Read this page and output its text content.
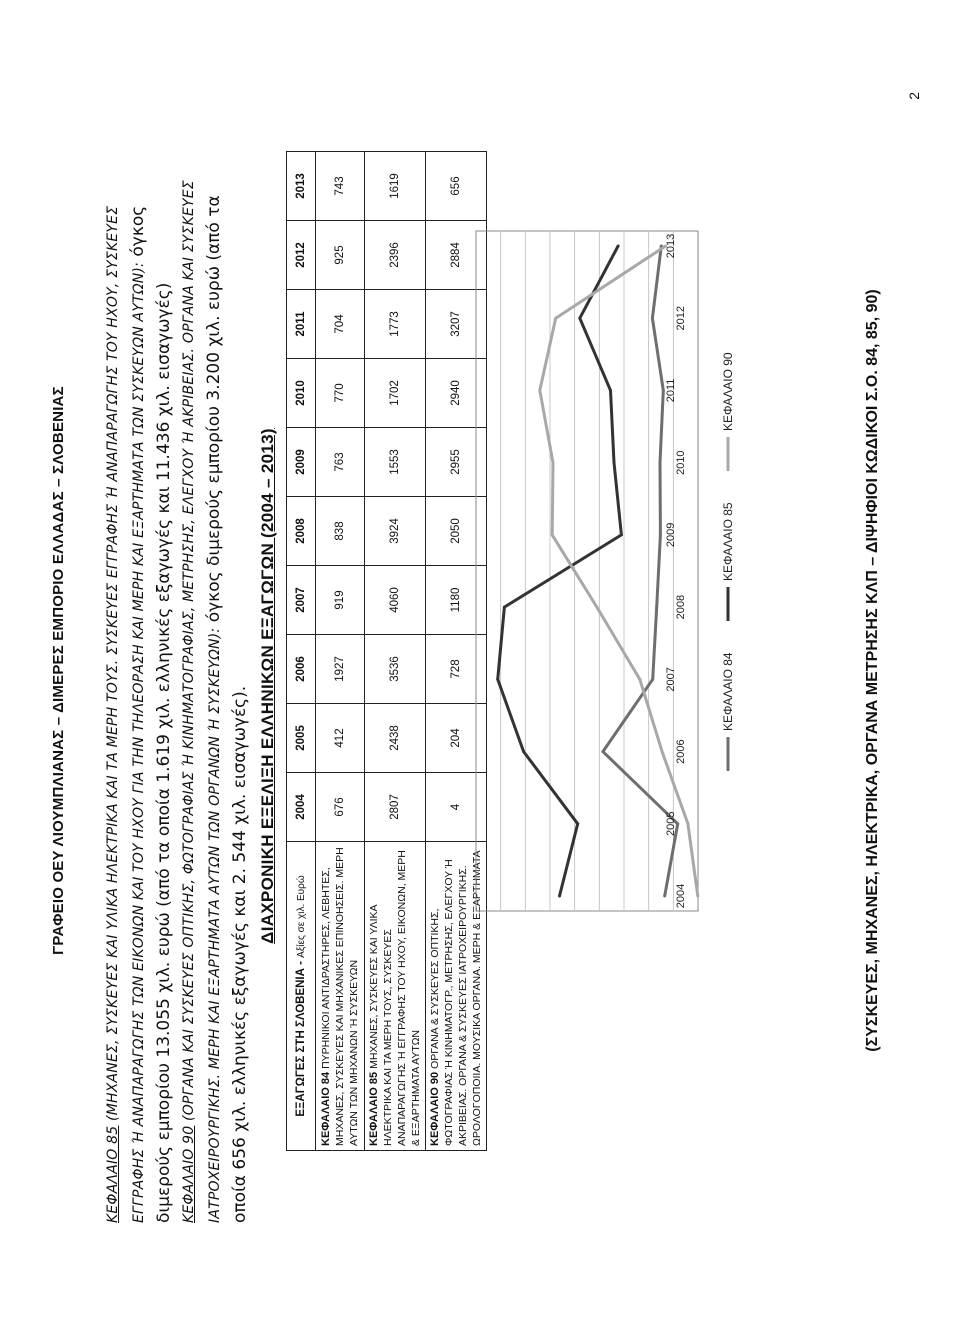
ΓΡΑΦΕΙΟ ΟΕΥ ΛΙΟΥΜΠΛΙΑΝΑΣ – ΔΙΜΕΡΕΣ ΕΜΠΟΡΙΟ ΕΛΛΑΔΑΣ – ΣΛΟΒΕΝΙΑΣ
ΚΕΦΑΛΑΙΟ 85 (ΜΗΧΑΝΕΣ, ΣΥΣΚΕΥΕΣ ΚΑΙ ΥΛΙΚΑ ΗΛΕΚΤΡΙΚΑ ΚΑΙ ΤΑ ΜΕΡΗ ΤΟΥΣ. ΣΥΣΚΕΥΕΣ ΕΓΓΡΑΦΗΣ Ή ΑΝΑΠΑΡΑΓΩΓΗΣ ΤΟΥ ΗΧΟΥ, ΣΥΣΚΕΥΕΣ ΕΓΓΡΑΦΗΣ Ή ΑΝΑΠΑΡΑΓΩΓΗΣ ΤΩΝ ΕΙΚΟΝΩΝ ΚΑΙ ΤΟΥ ΗΧΟΥ ΓΙΑ ΤΗΝ ΤΗΛΕΟΡΑΣΗ ΚΑΙ ΜΕΡΗ ΚΑΙ ΕΞΑΡΤΗΜΑΤΑ ΤΩΝ ΣΥΣΚΕΥΩΝ ΑΥΤΩΝ): όγκος διμερούς εμπορίου 13.055 χιλ. ευρώ (από τα οποία 1.619 χιλ. ελληνικές εξαγωγές και 11.436 χιλ. εισαγωγές) ΚΕΦΑΛΑΙΟ 90 (ΟΡΓΑΝΑ ΚΑΙ ΣΥΣΚΕΥΕΣ ΟΠΤΙΚΗΣ, ΦΩΤΟΓΡΑΦΙΑΣ Ή ΚΙΝΗΜΑΤΟΓΡΑΦΙΑΣ, ΜΕΤΡΗΣΗΣ, ΕΛΕΓΧΟΥ Ή ΑΚΡΙΒΕΙΑΣ. ΟΡΓΑΝΑ ΚΑΙ ΣΥΣΚΕΥΕΣ ΙΑΤΡΟΧΕΙΡΟΥΡΓΙΚΗΣ. ΜΕΡΗ ΚΑΙ ΕΞΑΡΤΗΜΑΤΑ ΑΥΤΩΝ ΤΩΝ ΟΡΓΑΝΩΝ Ή ΣΥΣΚΕΥΩΝ): όγκος διμερούς εμπορίου 3.200 χιλ. ευρώ (από τα οποία 656 χιλ. ελληνικές εξαγωγές και 2. 544 χιλ. εισαγωγές). ΔΙΑΧΡΟΝΙΚΗ ΕΞΕΛΙΞΗ ΕΛΛΗΝΙΚΩΝ ΕΞΑΓΩΓΩΝ (2004 – 2013)
ΕΞΑΓΩΓΕΣ ΣΤΗ ΣΛΟΒΕΝΙΑ - Αξίες σε χιλ. Ευρώ	2004	2005	2006	2007	2008	2009	2010	2011	2012	2013
ΚΕΦΑΛΑΙΟ 84 ΠΥΡΗΝΙΚΟΙ ΑΝΤΙΔΡΑΣΤΗΡΕΣ, ΛΕΒΗΤΕΣ, ΜΗΧΑΝΕΣ, ΣΥΣΚΕΥΕΣ ΚΑΙ ΜΗΧΑΝΙΚΕΣ ΕΠΙΝΟΗΣΕΙΣ. ΜΕΡΗ ΑΥΤΩΝ ΤΩΝ ΜΗΧΑΝΩΝ Ή ΣΥΣΚΕΥΩΝ	676	412	1927	919	838	763	770	704	925	743
ΚΕΦΑΛΑΙΟ 85 ΜΗΧΑΝΕΣ, ΣΥΣΚΕΥΕΣ ΚΑΙ ΥΛΙΚΑ ΗΛΕΚΤΡΙΚΑ ΚΑΙ ΤΑ ΜΕΡΗ ΤΟΥΣ, ΣΥΣΚΕΥΕΣ ΑΝΑΠΑΡΑΓΩΓΗΣ Ή ΕΓΓΡΑΦΗΣ ΤΟΥ ΗΧΟΥ, ΕΙΚΟΝΩΝ, ΜΕΡΗ & ΕΞΑΡΤΗΜΑΤΑ ΑΥΤΩΝ	2807	2438	3536	4060	3924	1553	1702	1773	2396	1619
ΚΕΦΑΛΑΙΟ 90 ΟΡΓΑΝΑ & ΣΥΣΚΕΥΕΣ ΟΠΤΙΚΗΣ, ΦΩΤΟΓΡΑΦΙΑΣ Ή ΚΙΝΗΜΑΤΟΓΡ., ΜΕΤΡΗΣΗΣ, ΕΛΕΓΧΟΥ Ή ΑΚΡΙΒΕΙΑΣ. ΟΡΓΑΝΑ & ΣΥΣΚΕΥΕΣ ΙΑΤΡΟΧΕΙΡΟΥΡΓΙΚΗΣ. ΩΡΟΛΟΓΟΠΟΙΙΑ. ΜΟΥΣΙΚΑ ΟΡΓΑΝΑ. ΜΕΡΗ & ΕΞΑΡΤΗΜΑΤΑ	4	204	728	1180	2050	2955	2940	3207	2884	656
2004
2005
2006
2007
2008
2009
2010
2011
2012
2013
ΚΕΦΑΛΑΙΟ 84
ΚΕΦΑΛΑΙΟ 85
ΚΕΦΑΛΑΙΟ 90	(ΣΥΣΚΕΥΕΣ, ΜΗΧΑΝΕΣ, ΗΛΕΚΤΡΙΚΑ, ΟΡΓΑΝΑ ΜΕΤΡΗΣΗΣ ΚΛΠ – ΔΙΨΗΦΙΟΙ ΚΩΔΙΚΟΙ Σ.Ο. 84, 85, 90)
2
